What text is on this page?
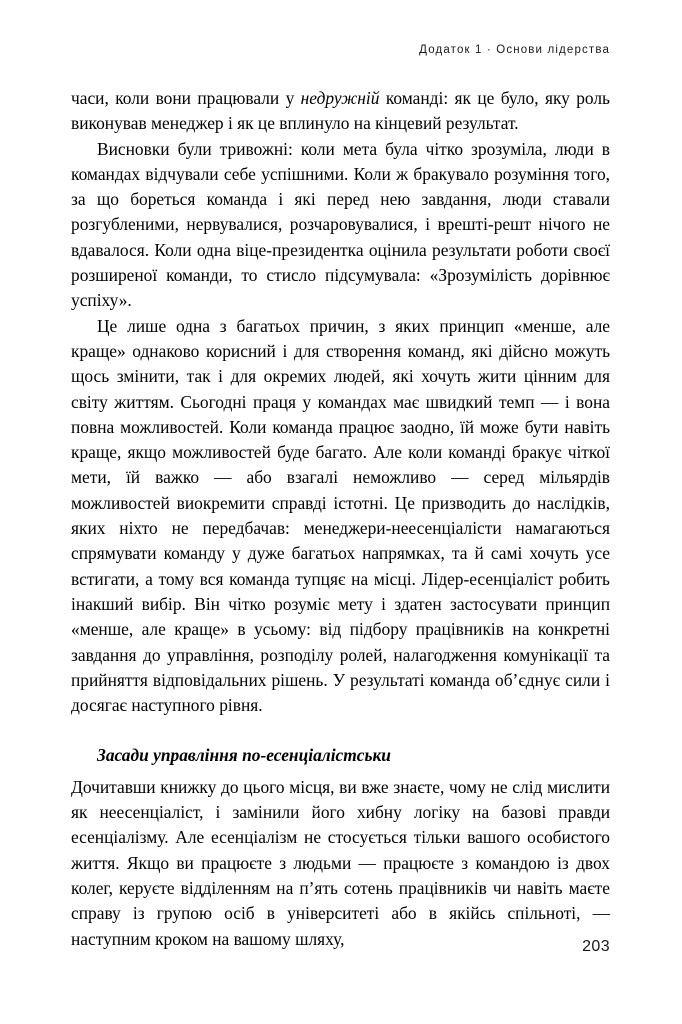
Додаток 1 · Основи лідерства

часи, коли вони працювали у недружній команді: як це було, яку роль виконував менеджер і як це вплинуло на кінцевий результат.

Висновки були тривожні: коли мета була чітко зрозуміла, люди в командах відчували себе успішними. Коли ж бракувало розуміння того, за що бореться команда і які перед нею завдання, люди ставали розгубленими, нервувалися, розчаровувалися, і врешті-решт нічого не вдавалося. Коли одна віце-президентка оцінила результати роботи своєї розширеної команди, то стисло підсумувала: «Зрозумілість дорівнює успіху».

Це лише одна з багатьох причин, з яких принцип «менше, але краще» однаково корисний і для створення команд, які дійсно можуть щось змінити, так і для окремих людей, які хочуть жити цінним для світу життям. Сьогодні праця у командах має швидкий темп — і вона повна можливостей. Коли команда працює заодно, їй може бути навіть краще, якщо можливостей буде багато. Але коли команді бракує чіткої мети, їй важко — або взагалі неможливо — серед мільярдів можливостей виокремити справді істотні. Це призводить до наслідків, яких ніхто не передбачав: менеджери-неесенціалісти намагаються спрямувати команду у дуже багатьох напрямках, та й самі хочуть усе встигати, а тому вся команда тупцяє на місці. Лідер-есенціаліст робить інакший вибір. Він чітко розуміє мету і здатен застосувати принцип «менше, але краще» в усьому: від підбору працівників на конкретні завдання до управління, розподілу ролей, налагодження комунікації та прийняття відповідальних рішень. У результаті команда об’єднує сили і досягає наступного рівня.

Засади управління по-есенціалістськи

Дочитавши книжку до цього місця, ви вже знаєте, чому не слід мислити як неесенціаліст, і замінили його хибну логіку на базові правди есенціалізму. Але есенціалізм не стосується тільки вашого особистого життя. Якщо ви працюєте з людьми — працюєте з командою із двох колег, керуєте відділенням на п’ять сотень працівників чи навіть маєте справу із групою осіб в університеті або в якійсь спільноті, — наступним кроком на вашому шляху,	203
